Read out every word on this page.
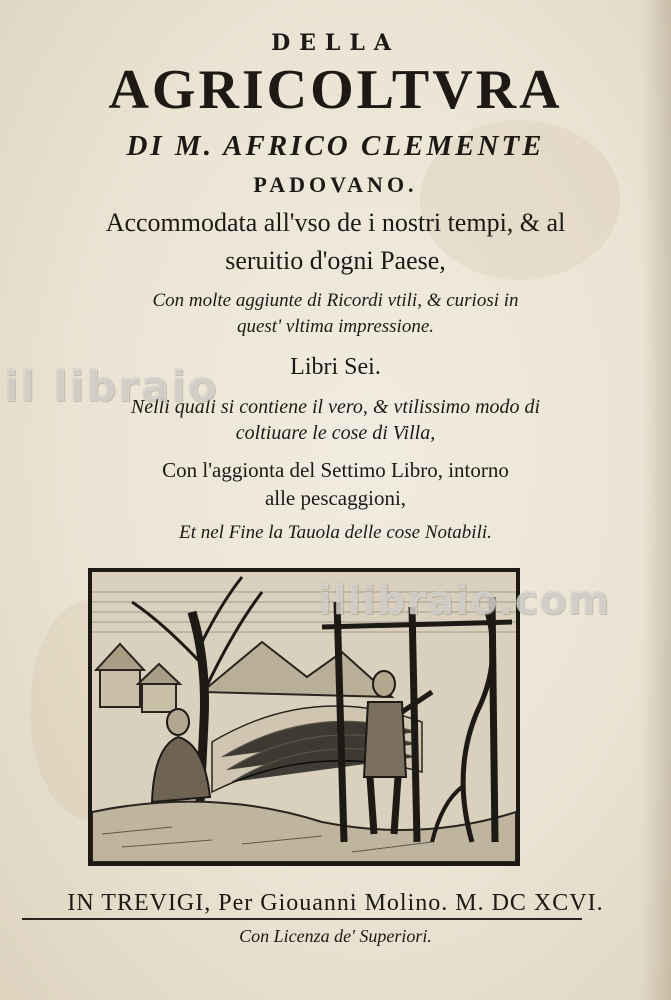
DELLA
AGRICOLTVRA
DI M. AFRICO CLEMENTE
PADOVANO.
Accommodata all'vso de i nostri tempi, & al
seruitio d'ogni Paese,
Con molte aggiunte di Ricordi vtili, & curiosi in
quest' vltima impressione.
Libri Sei.
Nelli quali si contiene il vero, & vtilissimo modo di
coltiuare le cose di Villa,
Con l'aggionta del Settimo Libro, intorno
alle pescaggioni,
Et nel Fine la Tauola delle cose Notabili.
IN TREVIGI, Per Giouanni Molino. M. DC XCVI.
Con Licenza de' Superiori.
il libraio
illibraio.com
